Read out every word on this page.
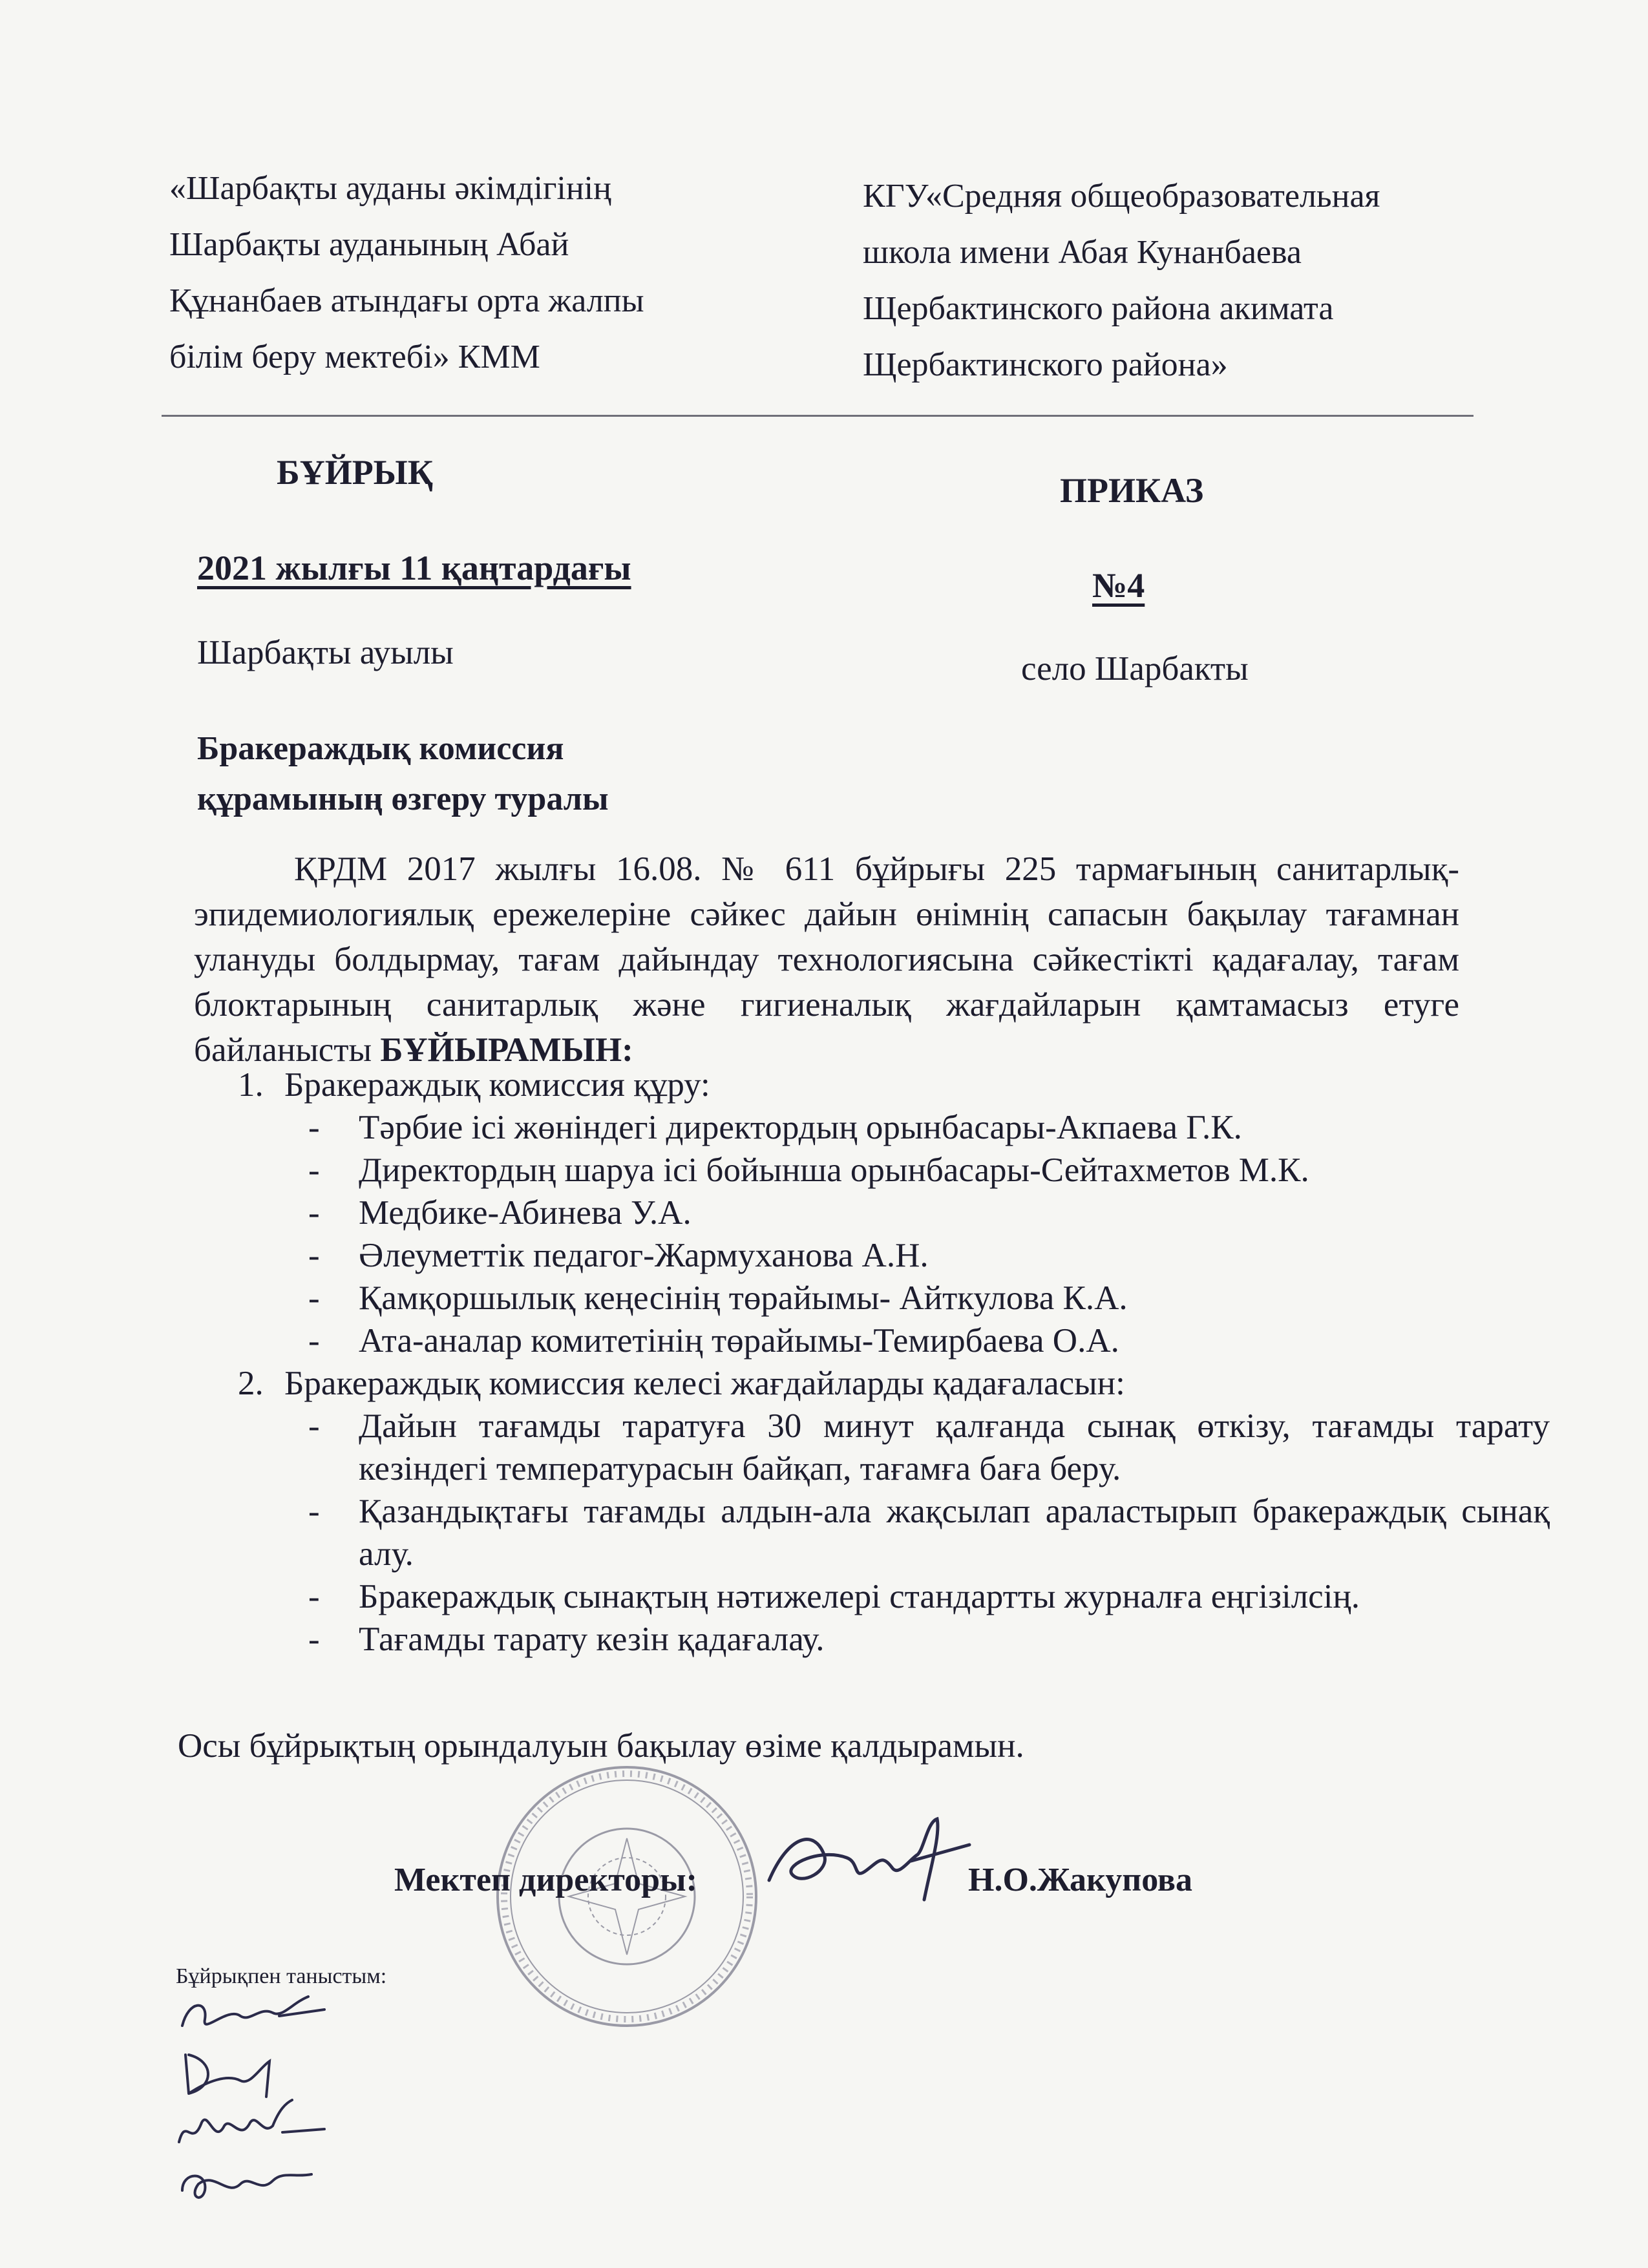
«Шарбақты ауданы әкімдігінің
Шарбақты ауданының Абай
Құнанбаев атындағы орта жалпы
білім беру мектебі» КММ
КГУ«Средняя общеобразовательная
школа имени Абая Кунанбаева
Щербактинского района акимата
Щербактинского района»
БҰЙРЫҚ	ПРИКАЗ
2021 жылғы 11 қаңтардағы	№4
Шарбақты ауылы	село Шарбакты
Бракераждық комиссия
құрамының өзгеру туралы
ҚРДМ 2017 жылғы 16.08. № 611 бұйрығы 225 тармағының санитарлық-эпидемиологиялық ережелеріне сәйкес дайын өнімнің сапасын бақылау тағамнан улануды болдырмау, тағам дайындау технологиясына сәйкестікті қадағалау, тағам блоктарының санитарлық және гигиеналық жағдайларын қамтамасыз етуге байланысты БҰЙЫРАМЫН:
1. Бракераждық комиссия құру:
- Тәрбие ісі жөніндегі директордың орынбасары-Акпаева Г.К.
- Директордың шаруа ісі бойынша орынбасары-Сейтахметов М.К.
- Медбике-Абинева У.А.
- Әлеуметтік педагог-Жармуханова А.Н.
- Қамқоршылық кеңесінің төрайымы- Айткулова К.А.
- Ата-аналар комитетінің төрайымы-Темирбаева О.А.
2. Бракераждық комиссия келесі жағдайларды қадағаласын:
- Дайын тағамды таратуға 30 минут қалғанда сынақ өткізу, тағамды тарату кезіндегі температурасын байқап, тағамға баға беру.
- Қазандықтағы тағамды алдын-ала жақсылап араластырып бракераждық сынақ алу.
- Бракераждық сынақтың нәтижелері стандартты журналға еңгізілсің.
- Тағамды тарату кезін қадағалау.
Осы бұйрықтың орындалуын бақылау өзіме қалдырамын.
Мектеп директоры:	Н.О.Жакупова
Бұйрықпен таныстым:
